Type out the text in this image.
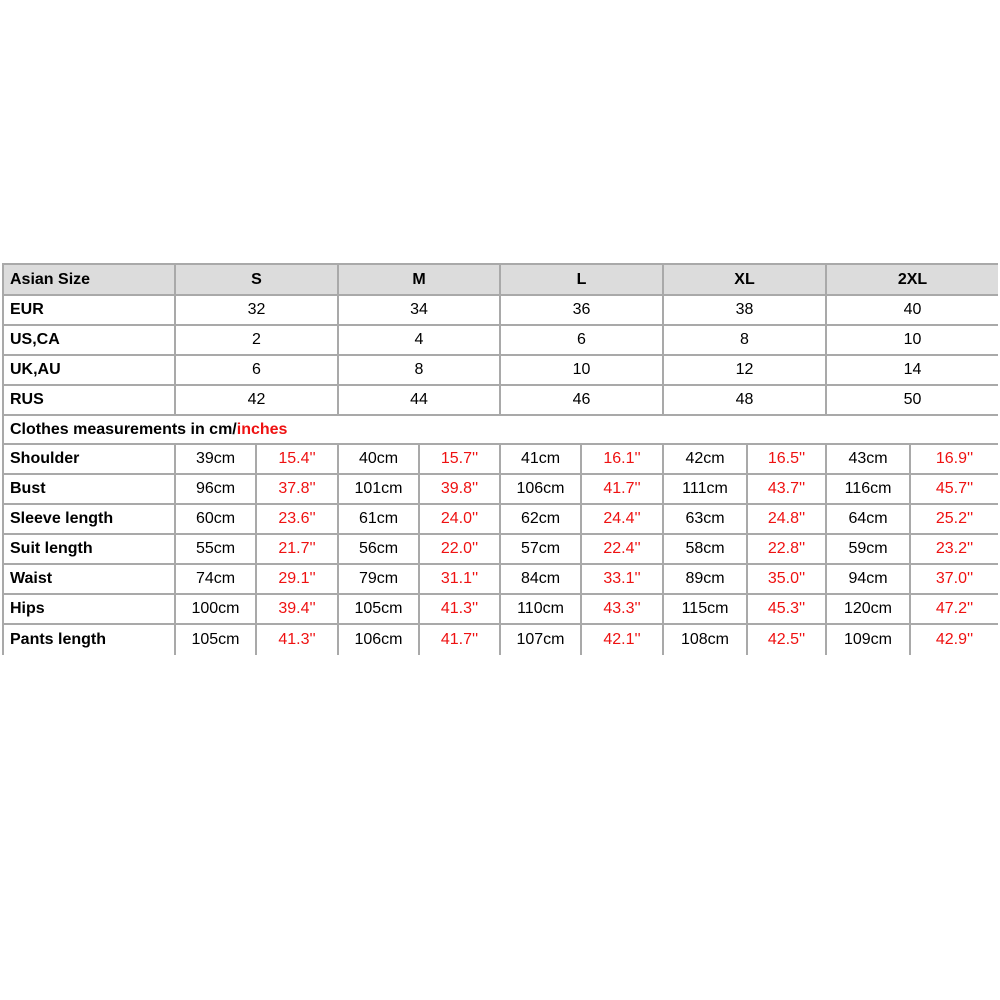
Asian Size	S	M	L	XL	2XL
EUR	32	34	36	38	40
US,CA	2	4	6	8	10
UK,AU	6	8	10	12	14
RUS	42	44	46	48	50
Clothes measurements in cm/ inches
Shoulder	39cm	15.4''	40cm	15.7''	41cm	16.1''	42cm	16.5''	43cm	16.9''
Bust	96cm	37.8''	101cm	39.8''	106cm	41.7''	111cm	43.7''	116cm	45.7''
Sleeve length	60cm	23.6''	61cm	24.0''	62cm	24.4''	63cm	24.8''	64cm	25.2''
Suit length	55cm	21.7''	56cm	22.0''	57cm	22.4''	58cm	22.8''	59cm	23.2''
Waist	74cm	29.1''	79cm	31.1''	84cm	33.1''	89cm	35.0''	94cm	37.0''
Hips	100cm	39.4''	105cm	41.3''	110cm	43.3''	115cm	45.3''	120cm	47.2''
Pants length	105cm	41.3''	106cm	41.7''	107cm	42.1''	108cm	42.5''	109cm	42.9''
